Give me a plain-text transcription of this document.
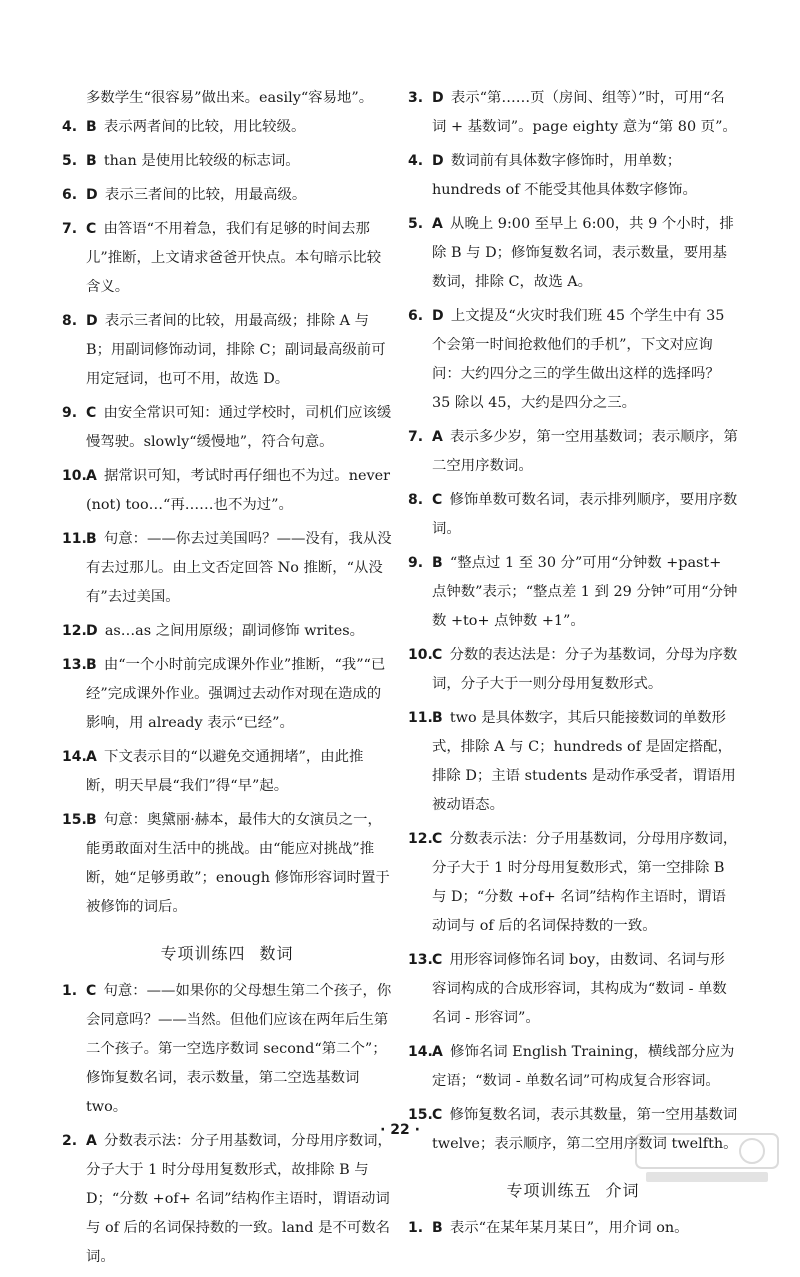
多数学生“很容易”做出来。easily“容易地”。
4. B  表示两者间的比较，用比较级。
5. B  than 是使用比较级的标志词。
6. D  表示三者间的比较，用最高级。
7. C  由答语“不用着急，我们有足够的时间去那儿”推断，上文请求爸爸开快点。本句暗示比较含义。
8. D  表示三者间的比较，用最高级；排除 A 与 B；用副词修饰动词，排除 C；副词最高级前可用定冠词，也可不用，故选 D。
9. C  由安全常识可知：通过学校时，司机们应该缓慢驾驶。slowly“缓慢地”，符合句意。
10. A  据常识可知，考试时再仔细也不为过。never (not) too…“再……也不为过”。
11. B  句意：——你去过美国吗？——没有，我从没有去过那儿。由上文否定回答 No 推断，“从没有”去过美国。
12. D  as…as 之间用原级；副词修饰 writes。
13. B  由“一个小时前完成课外作业”推断，“我”“已经”完成课外作业。强调过去动作对现在造成的影响，用 already 表示“已经”。
14. A  下文表示目的“以避免交通拥堵”，由此推断，明天早晨“我们”得“早”起。
15. B  句意：奥黛丽·赫本，最伟大的女演员之一，能勇敢面对生活中的挑战。由“能应对挑战”推断，她“足够勇敢”；enough 修饰形容词时置于被修饰的词后。
专项训练四 数词
1. C  句意：——如果你的父母想生第二个孩子，你会同意吗？——当然。但他们应该在两年后生第二个孩子。第一空选序数词 second“第二个”；修饰复数名词，表示数量，第二空选基数词 two。
2. A  分数表示法：分子用基数词，分母用序数词，分子大于 1 时分母用复数形式，故排除 B 与 D；“分数 +of+ 名词”结构作主语时，谓语动词与 of 后的名词保持数的一致。land 是不可数名词。
3. D  表示“第……页（房间、组等）”时，可用“名词 + 基数词”。page eighty 意为“第 80 页”。
4. D  数词前有具体数字修饰时，用单数；hundreds of 不能受其他具体数字修饰。
5. A  从晚上 9:00 至早上 6:00，共 9 个小时，排除 B 与 D；修饰复数名词，表示数量，要用基数词，排除 C，故选 A。
6. D  上文提及“火灾时我们班 45 个学生中有 35 个会第一时间抢救他们的手机”，下文对应询问：大约四分之三的学生做出这样的选择吗？ 35 除以 45，大约是四分之三。
7. A  表示多少岁，第一空用基数词；表示顺序，第二空用序数词。
8. C  修饰单数可数名词，表示排列顺序，要用序数词。
9. B  “整点过 1 至 30 分”可用“分钟数 +past+ 点钟数”表示；“整点差 1 到 29 分钟”可用“分钟数 +to+ 点钟数 +1”。
10. C  分数的表达法是：分子为基数词，分母为序数词，分子大于一则分母用复数形式。
11. B  two 是具体数字，其后只能接数词的单数形式，排除 A 与 C；hundreds of 是固定搭配，排除 D；主语 students 是动作承受者，谓语用被动语态。
12. C  分数表示法：分子用基数词，分母用序数词，分子大于 1 时分母用复数形式，第一空排除 B 与 D；“分数 +of+ 名词”结构作主语时，谓语动词与 of 后的名词保持数的一致。
13. C  用形容词修饰名词 boy，由数词、名词与形容词构成的合成形容词，其构成为“数词 - 单数名词 - 形容词”。
14. A  修饰名词 English Training，横线部分应为定语；“数词 - 单数名词”可构成复合形容词。
15. C  修饰复数名词，表示其数量，第一空用基数词 twelve；表示顺序，第二空用序数词 twelfth。
专项训练五 介词
1. B  表示“在某年某月某日”，用介词 on。
· 22 ·
